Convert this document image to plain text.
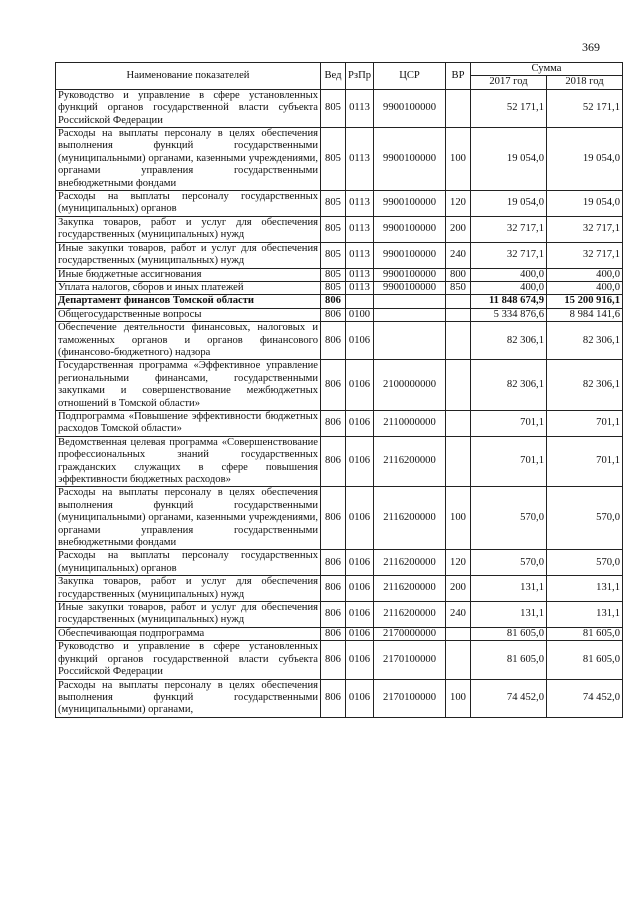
369
Наименование показателей	Вед	РзПр	ЦСР	ВР	Сумма	
					2017 год	2018 год
Руководство и управление в сфере установленных функций органов государственной власти субъекта Российской Федерации	805	0113	9900100000		52 171,1	52 171,1
Расходы на выплаты персоналу в целях обеспечения выполнения функций государственными (муниципальными) органами, казенными учреждениями, органами управления государственными внебюджетными фондами	805	0113	9900100000	100	19 054,0	19 054,0
Расходы на выплаты персоналу государственных (муниципальных) органов	805	0113	9900100000	120	19 054,0	19 054,0
Закупка товаров, работ и услуг для обеспечения государственных (муниципальных) нужд	805	0113	9900100000	200	32 717,1	32 717,1
Иные закупки товаров, работ и услуг для обеспечения государственных (муниципальных) нужд	805	0113	9900100000	240	32 717,1	32 717,1
Иные бюджетные ассигнования	805	0113	9900100000	800	400,0	400,0
Уплата налогов, сборов и иных платежей	805	0113	9900100000	850	400,0	400,0
Департамент финансов Томской области	806				11 848 674,9	15 200 916,1
Общегосударственные вопросы	806	0100			5 334 876,6	8 984 141,6
Обеспечение деятельности финансовых, налоговых и таможенных органов и органов финансового (финансово-бюджетного) надзора	806	0106			82 306,1	82 306,1
Государственная программа «Эффективное управление региональными финансами, государственными закупками и совершенствование межбюджетных отношений в Томской области»	806	0106	2100000000		82 306,1	82 306,1
Подпрограмма «Повышение эффективности бюджетных расходов Томской области»	806	0106	2110000000		701,1	701,1
Ведомственная целевая программа «Совершенствование профессиональных знаний государственных гражданских служащих в сфере повышения эффективности бюджетных расходов»	806	0106	2116200000		701,1	701,1
Расходы на выплаты персоналу в целях обеспечения выполнения функций государственными (муниципальными) органами, казенными учреждениями, органами управления государственными внебюджетными фондами	806	0106	2116200000	100	570,0	570,0
Расходы на выплаты персоналу государственных (муниципальных) органов	806	0106	2116200000	120	570,0	570,0
Закупка товаров, работ и услуг для обеспечения государственных (муниципальных) нужд	806	0106	2116200000	200	131,1	131,1
Иные закупки товаров, работ и услуг для обеспечения государственных (муниципальных) нужд	806	0106	2116200000	240	131,1	131,1
Обеспечивающая подпрограмма	806	0106	2170000000		81 605,0	81 605,0
Руководство и управление в сфере установленных функций органов государственной власти субъекта Российской Федерации	806	0106	2170100000		81 605,0	81 605,0
Расходы на выплаты персоналу в целях обеспечения выполнения функций государственными (муниципальными) органами,	806	0106	2170100000	100	74 452,0	74 452,0
